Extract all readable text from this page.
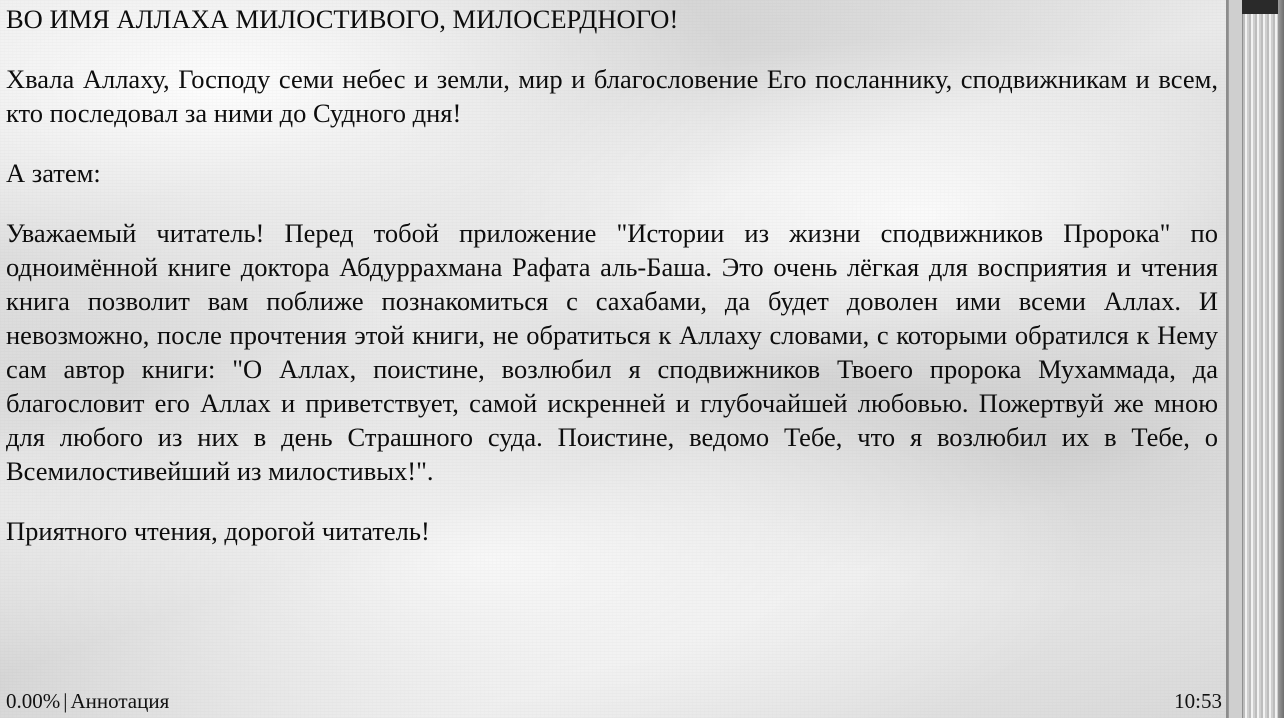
ВО ИМЯ АЛЛАХА МИЛОСТИВОГО, МИЛОСЕРДНОГО!

Хвала Аллаху, Господу семи небес и земли, мир и благословение Его посланнику, сподвижникам и всем, кто последовал за ними до Судного дня!

А затем:

Уважаемый читатель! Перед тобой приложение "Истории из жизни сподвижников Пророка" по одноимённой книге доктора Абдуррахмана Рафата аль-Баша. Это очень лёгкая для восприятия и чтения книга позволит вам поближе познакомиться с сахабами, да будет доволен ими всеми Аллах. И невозможно, после прочтения этой книги, не обратиться к Аллаху словами, с которыми обратился к Нему сам автор книги: "О Аллах, поистине, возлюбил я сподвижников Твоего пророка Мухаммада, да благословит его Аллах и приветствует, самой искренней и глубочайшей любовью. Пожертвуй же мною для любого из них в день Страшного суда. Поистине, ведомо Тебе, что я возлюбил их в Тебе, о Всемилостивейший из милостивых!".

Приятного чтения, дорогой читатель!

0.00% | Аннотация	10:53
